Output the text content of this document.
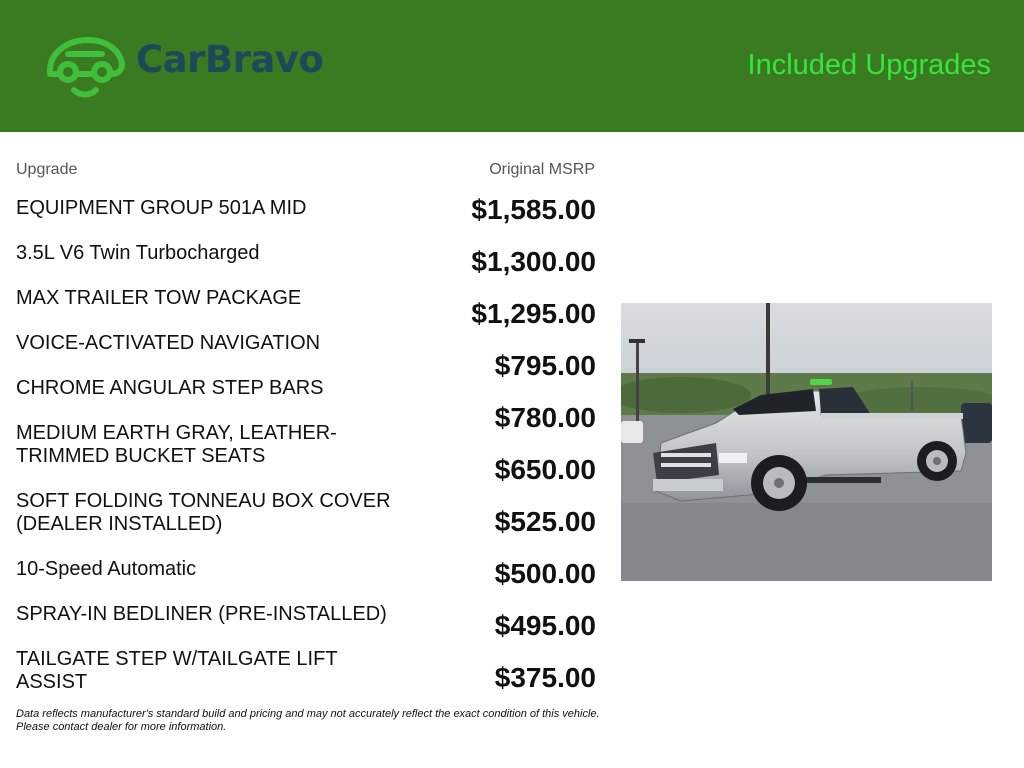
CarBravo	Included Upgrades
Upgrade	Original MSRP
EQUIPMENT GROUP 501A MID
3.5L V6 Twin Turbocharged
MAX TRAILER TOW PACKAGE
VOICE-ACTIVATED NAVIGATION
CHROME ANGULAR STEP BARS
MEDIUM EARTH GRAY, LEATHER-TRIMMED BUCKET SEATS
SOFT FOLDING TONNEAU BOX COVER (DEALER INSTALLED)
10-Speed Automatic
SPRAY-IN BEDLINER (PRE-INSTALLED)
TAILGATE STEP W/TAILGATE LIFT ASSIST
$1,585.00
$1,300.00
$1,295.00
$795.00
$780.00
$650.00
$525.00
$500.00
$495.00
$375.00
Data reflects manufacturer's standard build and pricing and may not accurately reflect the exact condition of this vehicle.
Please contact dealer for more information.
